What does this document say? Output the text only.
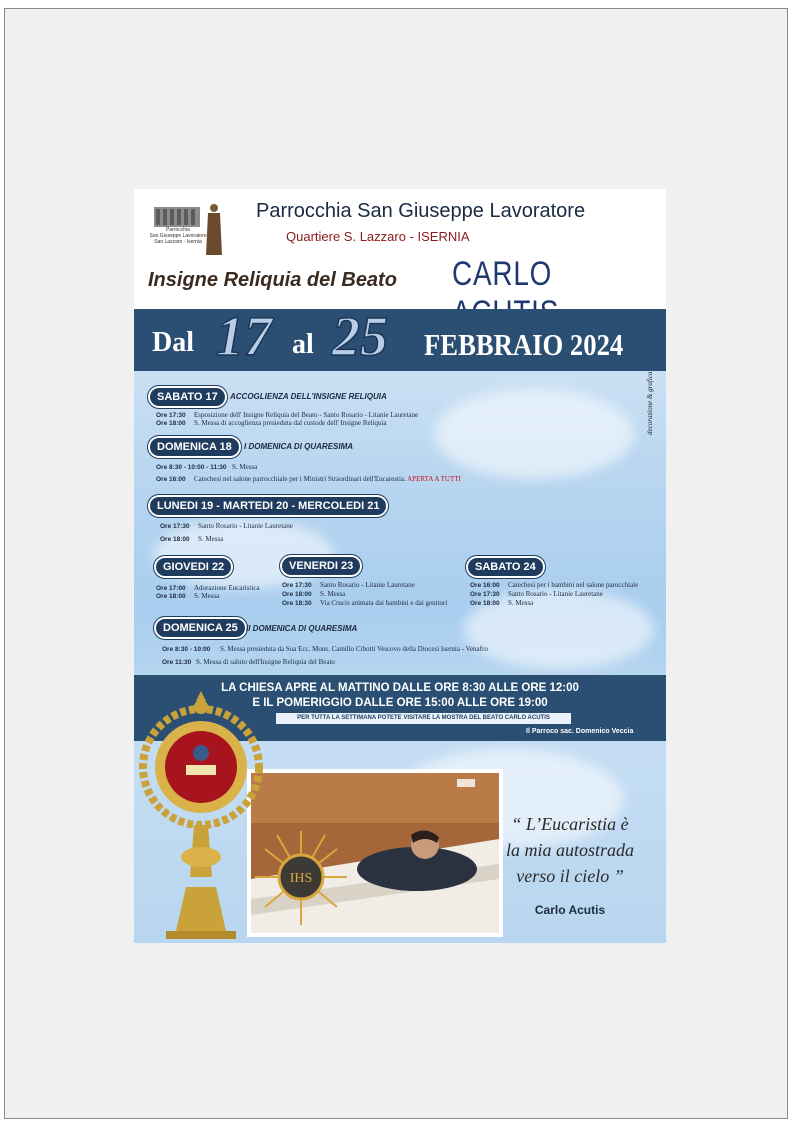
Parrocchia
San Giuseppe Lavoratore
San Lazzaro - Isernia
Parrocchia San Giuseppe Lavoratore
Quartiere S. Lazzaro - ISERNIA
Insigne Reliquia del Beato CARLO
Dal 17 al 25 FEBBRAIO 2024
SABATO 17	ACCOGLIENZA DELL'INSIGNE RELIQUIA
Ore 17:30 Esposizione dell' Insigne Reliquia del Beato - Santo Rosario - Litanie Lauretane
Ore 18:00 S. Messa di accoglienza presieduta dal custode dell' Insigne Reliquia
DOMENICA 18	I DOMENICA DI QUARESIMA
Ore 8:30 - 10:00 - 11:30 S. Messa
Ore 16:00 Catechesi nel salone parrocchiale per i Ministri Straordinari dell'Eucarestia. APERTA A TUTTI
decorazione & grafica
LUNEDI 19 - MARTEDI 20 - MERCOLEDI 21
Ore 17:30 Santo Rosario - Litanie Lauretane
Ore 18:00 S. Messa
GIOVEDI 22
Ore 17:00 Adorazione Eucaristica
Ore 18:00 S. Messa
VENERDI 23
Ore 17:30 Santo Rosario - Litanie Lauretane
Ore 18:00 S. Messa
Ore 18:30 Via Crucis animata dai bambini e dai genitori
SABATO 24
Ore 16:00 Catechesi per i bambini nel salone parocchiale
Ore 17:30 Santo Rosario - Litanie Lauretane
Ore 18:00 S. Messa
DOMENICA 25	II DOMENICA DI QUARESIMA
Ore 8:30 - 10:00 S. Messa presieduta da Sua Ecc. Mons. Camillo Cibotti Vescovo della Diocesi Isernia - Venafro
Ore 11:30 S. Messa di saluto dell'Insigne Reliquia del Beato
LA CHIESA APRE AL MATTINO DALLE ORE 8:30 ALLE ORE 12:00
E IL POMERIGGIO DALLE ORE 15:00 ALLE ORE 19:00
PER TUTTA LA SETTIMANA POTETE VISITARE LA MOSTRA DEL BEATO CARLO ACUTIS
Il Parroco sac. Domenico Veccia
IHS
“ L’Eucaristia è
la mia autostrada
verso il cielo ”
Carlo Acutis
